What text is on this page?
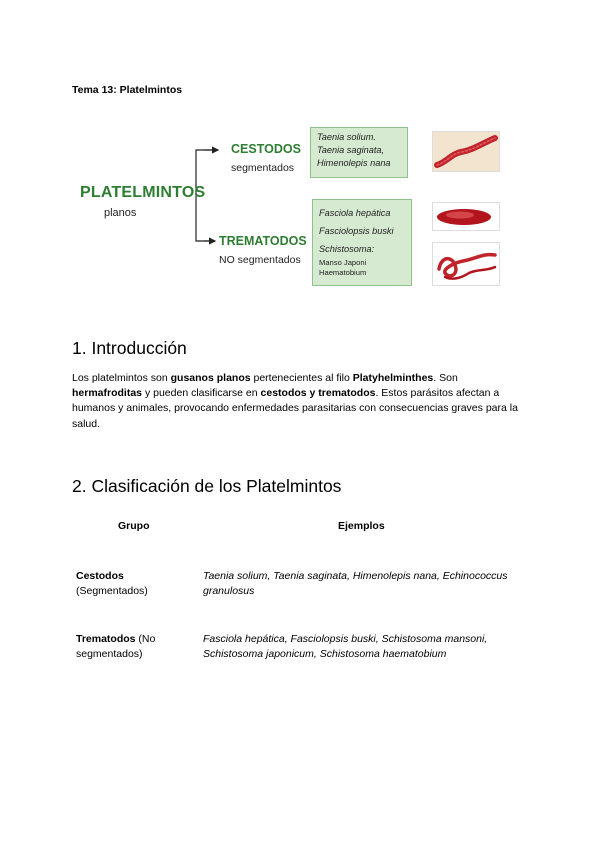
Tema 13: Platelmintos
PLATELMINTOS
planos
CESTODOS
segmentados
TREMATODOS
NO segmentados
Taenia solium.
Taenia saginata,
Himenolepis nana
Fasciola hepática
Fasciolopsis buski
Schistosoma:
Manso Japoni
Haematobium
1. Introducción
Los platelmintos son gusanos planos pertenecientes al filo Platyhelminthes. Son hermafroditas y pueden clasificarse en cestodos y trematodos. Estos parásitos afectan a humanos y animales, provocando enfermedades parasitarias con consecuencias graves para la salud.
2. Clasificación de los Platelmintos
Grupo	Ejemplos
Cestodos
(Segmentados)
Taenia solium, Taenia saginata, Himenolepis nana, Echinococcus granulosus
Trematodos (No segmentados)
Fasciola hepática, Fasciolopsis buski, Schistosoma mansoni, Schistosoma japonicum, Schistosoma haematobium
